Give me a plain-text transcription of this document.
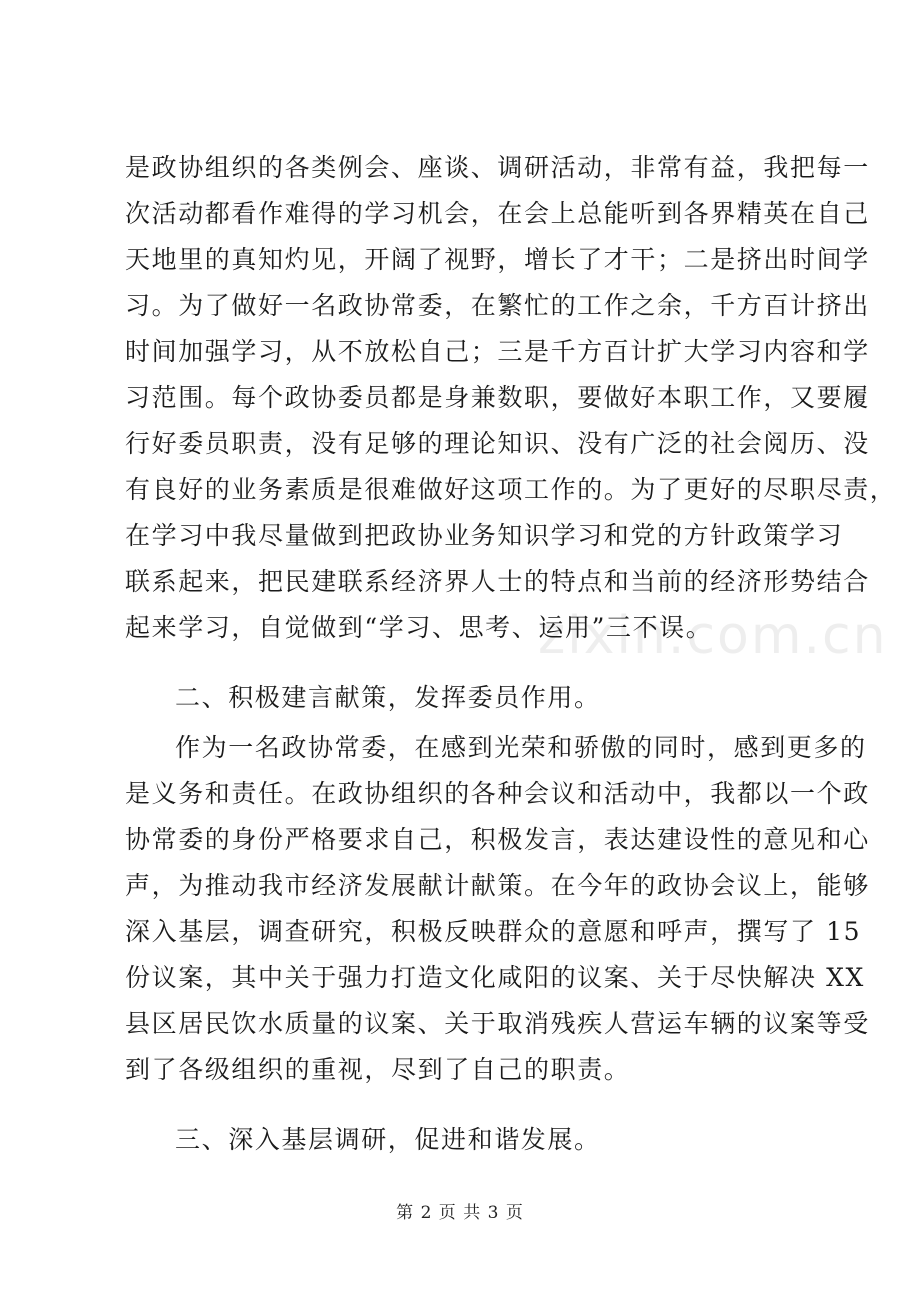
zixin.com.cn
是政协组织的各类例会、座谈、调研活动，非常有益，我把每一
次活动都看作难得的学习机会，在会上总能听到各界精英在自己
天地里的真知灼见，开阔了视野，增长了才干；二是挤出时间学
习。为了做好一名政协常委，在繁忙的工作之余，千方百计挤出
时间加强学习，从不放松自己；三是千方百计扩大学习内容和学
习范围。每个政协委员都是身兼数职，要做好本职工作，又要履
行好委员职责，没有足够的理论知识、没有广泛的社会阅历、没
有良好的业务素质是很难做好这项工作的。为了更好的尽职尽责，
在学习中我尽量做到把政协业务知识学习和党的方针政策学习
联系起来，把民建联系经济界人士的特点和当前的经济形势结合
起来学习，自觉做到“学习、思考、运用”三不误。
二、积极建言献策，发挥委员作用。
作为一名政协常委，在感到光荣和骄傲的同时，感到更多的
是义务和责任。在政协组织的各种会议和活动中，我都以一个政
协常委的身份严格要求自己，积极发言，表达建设性的意见和心
声，为推动我市经济发展献计献策。在今年的政协会议上，能够
深入基层，调查研究，积极反映群众的意愿和呼声，撰写了 15
份议案，其中关于强力打造文化咸阳的议案、关于尽快解决 XX
县区居民饮水质量的议案、关于取消残疾人营运车辆的议案等受
到了各级组织的重视，尽到了自己的职责。
三、深入基层调研，促进和谐发展。
第 2 页 共 3 页
